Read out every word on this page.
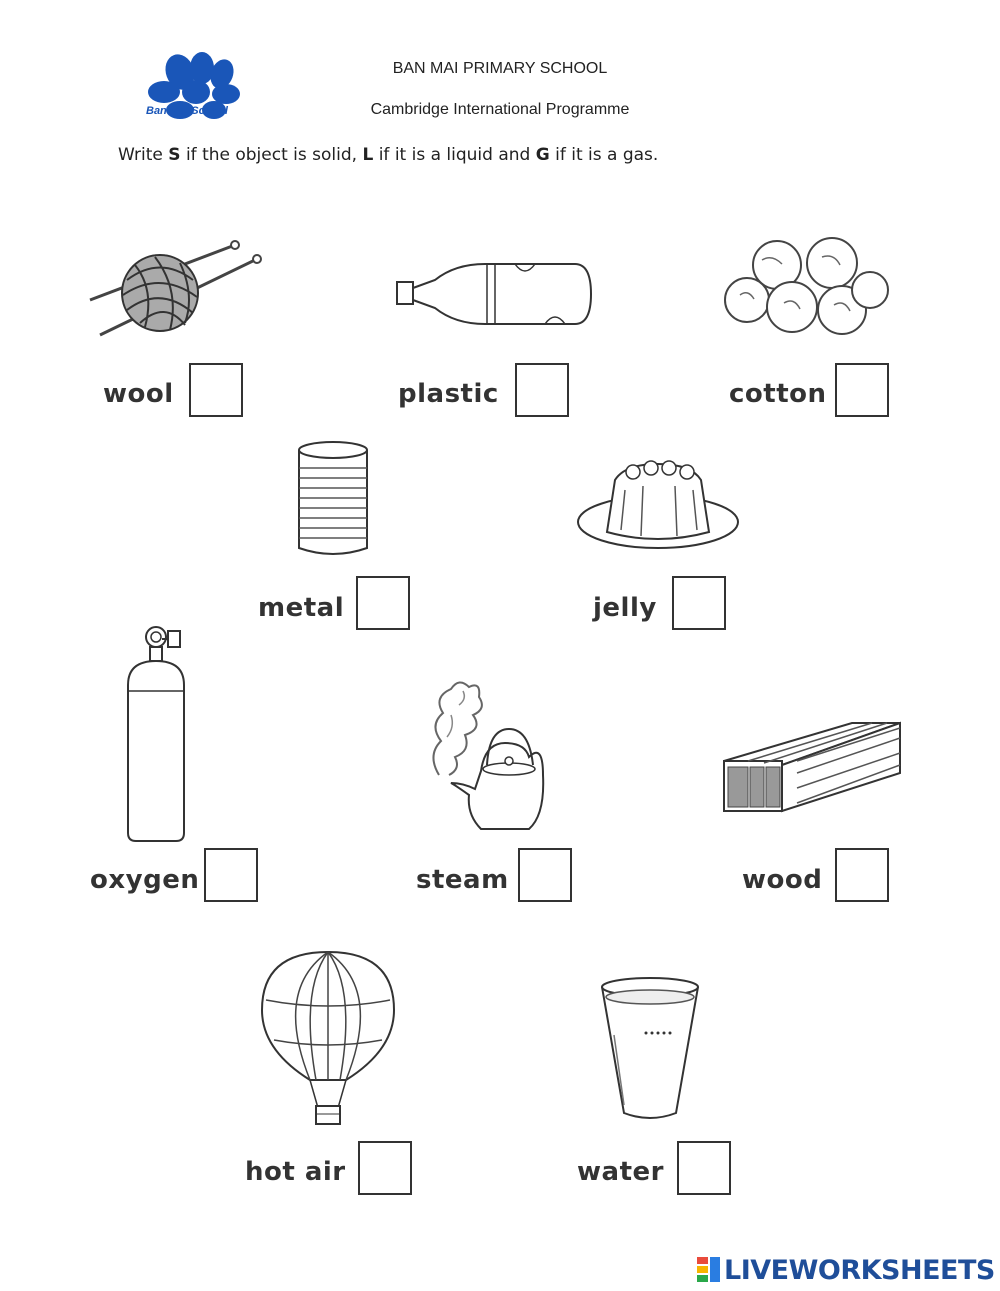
Ban Mai School
BAN MAI PRIMARY SCHOOL
Cambridge International Programme
Write S if the object is solid, L if it is a liquid and G if it is a gas.
wool	plastic	cotton
metal	jelly
oxygen	steam	wood
hot air	water
LIVEWORKSHEETS
